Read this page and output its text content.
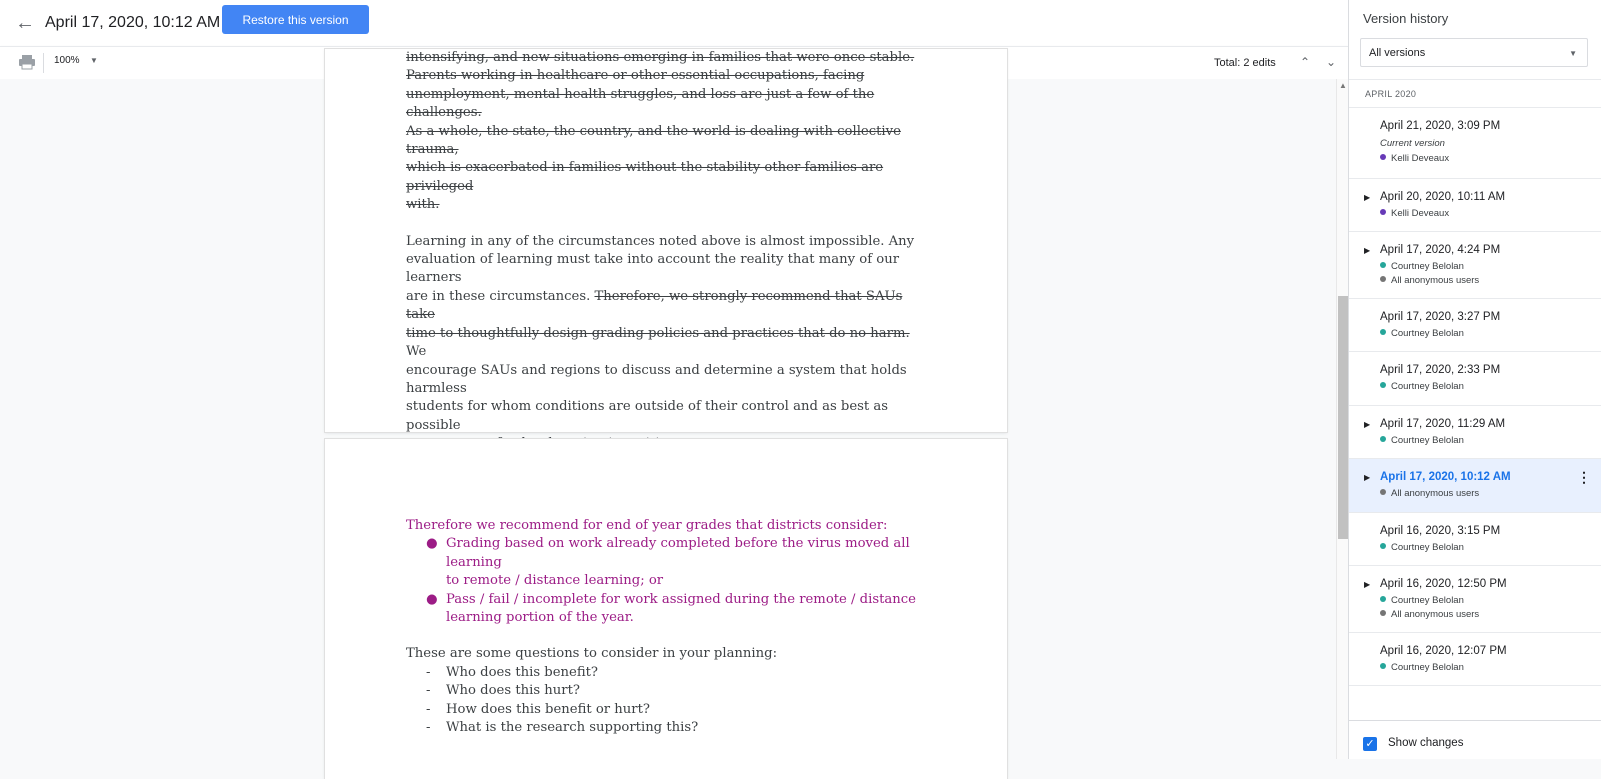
← April 17, 2020, 10:12 AM	Restore this version
100% ▼	Total: 2 edits	⌃	⌄
intensifying, and new situations emerging in families that were once stable.
Parents working in healthcare or other essential occupations, facing
unemployment, mental health struggles, and loss are just a few of the challenges.
As a whole, the state, the country, and the world is dealing with collective trauma,
which is exacerbated in families without the stability other families are privileged
with.
Learning in any of the circumstances noted above is almost impossible. Any
evaluation of learning must take into account the reality that many of our learners
are in these circumstances. Therefore, we strongly recommend that SAUs take
time to thoughtfully design grading policies and practices that do no harm. We
encourage SAUs and regions to discuss and determine a system that holds harmless
students for whom conditions are outside of their control and as best as possible
Therefore we recommend for end of year grades that districts consider:
● Grading based on work already completed before the virus moved all learning
to remote / distance learning; or
● Pass / fail / incomplete for work assigned during the remote / distance
learning portion of the year.
These are some questions to consider in your planning:
- Who does this benefit?
- Who does this hurt?
- How does this benefit or hurt?
- What is the research supporting this?
▲
Version history
All versions	▼
APRIL 2020
April 21, 2020, 3:09 PM
Current version
Kelli Deveaux
▶ April 20, 2020, 10:11 AM
Kelli Deveaux
▶ April 17, 2020, 4:24 PM
Courtney Belolan
All anonymous users
April 17, 2020, 3:27 PM
Courtney Belolan
April 17, 2020, 2:33 PM
Courtney Belolan
▶ April 17, 2020, 11:29 AM
Courtney Belolan
▶ April 17, 2020, 10:12 AM
All anonymous users
⋮
April 16, 2020, 3:15 PM
Courtney Belolan
▶ April 16, 2020, 12:50 PM
Courtney Belolan
All anonymous users
April 16, 2020, 12:07 PM
Courtney Belolan
✓ Show changes
